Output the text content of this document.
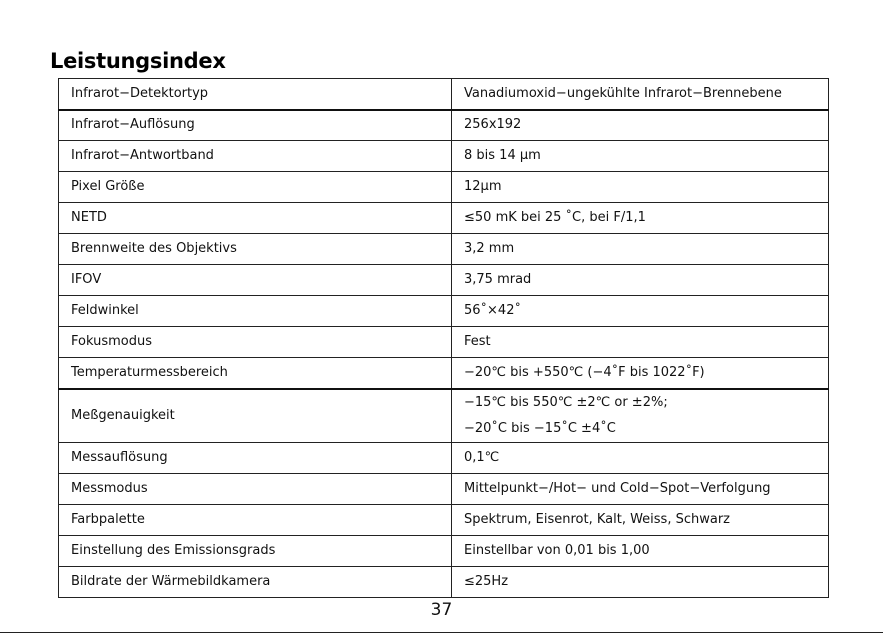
Leistungsindex
Infrarot−Detektortyp	Vanadiumoxid−ungekühlte Infrarot−Brennebene
Infrarot−Auflösung	256x192
Infrarot−Antwortband	8 bis 14 μm
Pixel Größe	12μm
NETD	≤50 mK bei 25 ˚C, bei F/1,1
Brennweite des Objektivs	3,2 mm
IFOV	3,75 mrad
Feldwinkel	56˚×42˚
Fokusmodus	Fest
Temperaturmessbereich	−20℃ bis +550℃ (−4˚F bis 1022˚F)
Meßgenauigkeit	−15℃ bis 550℃ ±2℃ or ±2%;
−20˚C bis −15˚C ±4˚C

Messauflösung	0,1℃
Messmodus	Mittelpunkt−/Hot− und Cold−Spot−Verfolgung
Farbpalette	Spektrum, Eisenrot, Kalt, Weiss, Schwarz
Einstellung des Emissionsgrads	Einstellbar von 0,01 bis 1,00
Bildrate der Wärmebildkamera	≤25Hz
37
